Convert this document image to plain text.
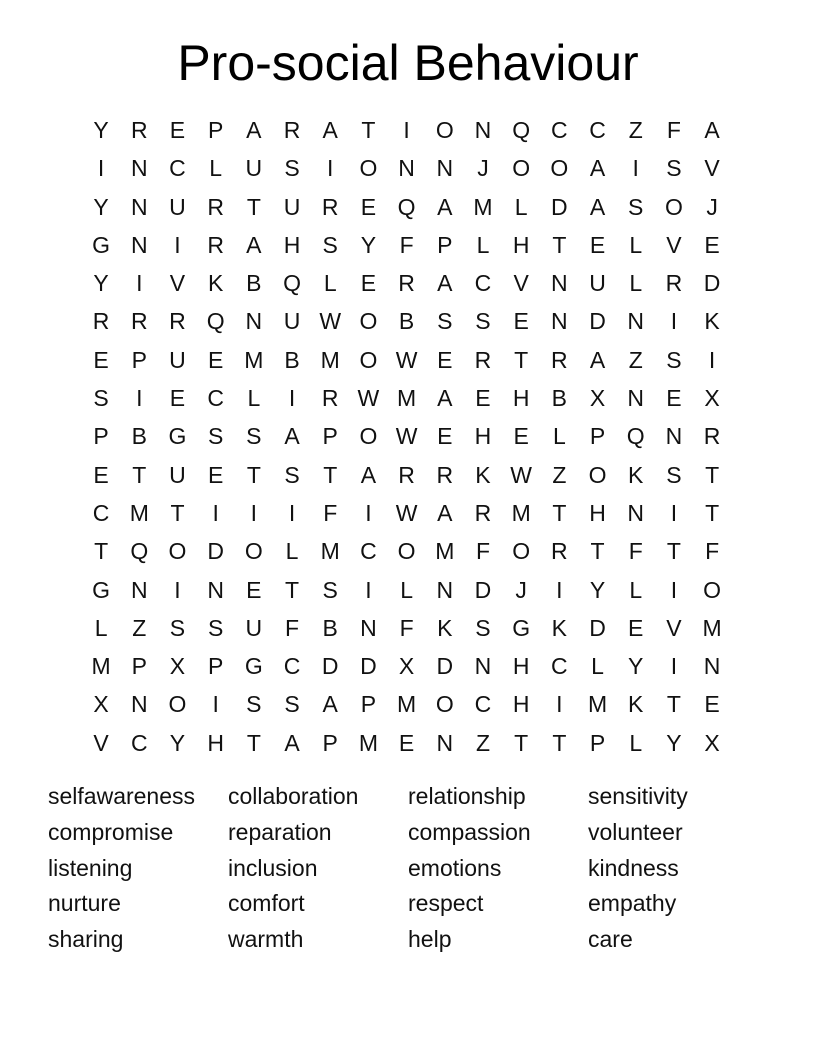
Pro-social Behaviour
Y R E P A R A	T	I	O N Q C C Z	F	A
I	N C	L	U S	I	O N N	J	O O A	I	S V
Y N U R T U R E Q A M L	D A S O	J
G N	I	R A H S Y	F	P	L	H T	E	L	V E
Y	I	V K B Q L	E R A C V N U	L	R D
R R R Q N U W O B S S E N D N	I	K
E P U E M B M O W E R T R A	Z	S	I
S	I	E C	L	I	R W M A E H B X N E X
P B G S S A P O W E H E	L	P Q N R
E	T U E	T	S	T	A R R K W Z O K S	T
C M T	I	I	I	F	I	W A R M T H N	I	T
T Q O D O L M C O M F O R T	F	T	F
G N	I	N E	T	S	I	L	N D	J	I	Y	L	I	O
L	Z	S S U F	B N F	K S G K D E V M
M P X P G C D D X D N H C	L	Y	I	N
X N O	I	S S A P M O C H	I	M K	T	E
V C Y H T	A P M E N Z	T	T	P	L	Y X
selfawareness	collaboration	relationship	sensitivity
compromise	reparation	compassion	volunteer
listening	inclusion	emotions	kindness
nurture	comfort	respect	empathy
sharing	warmth	help	care
